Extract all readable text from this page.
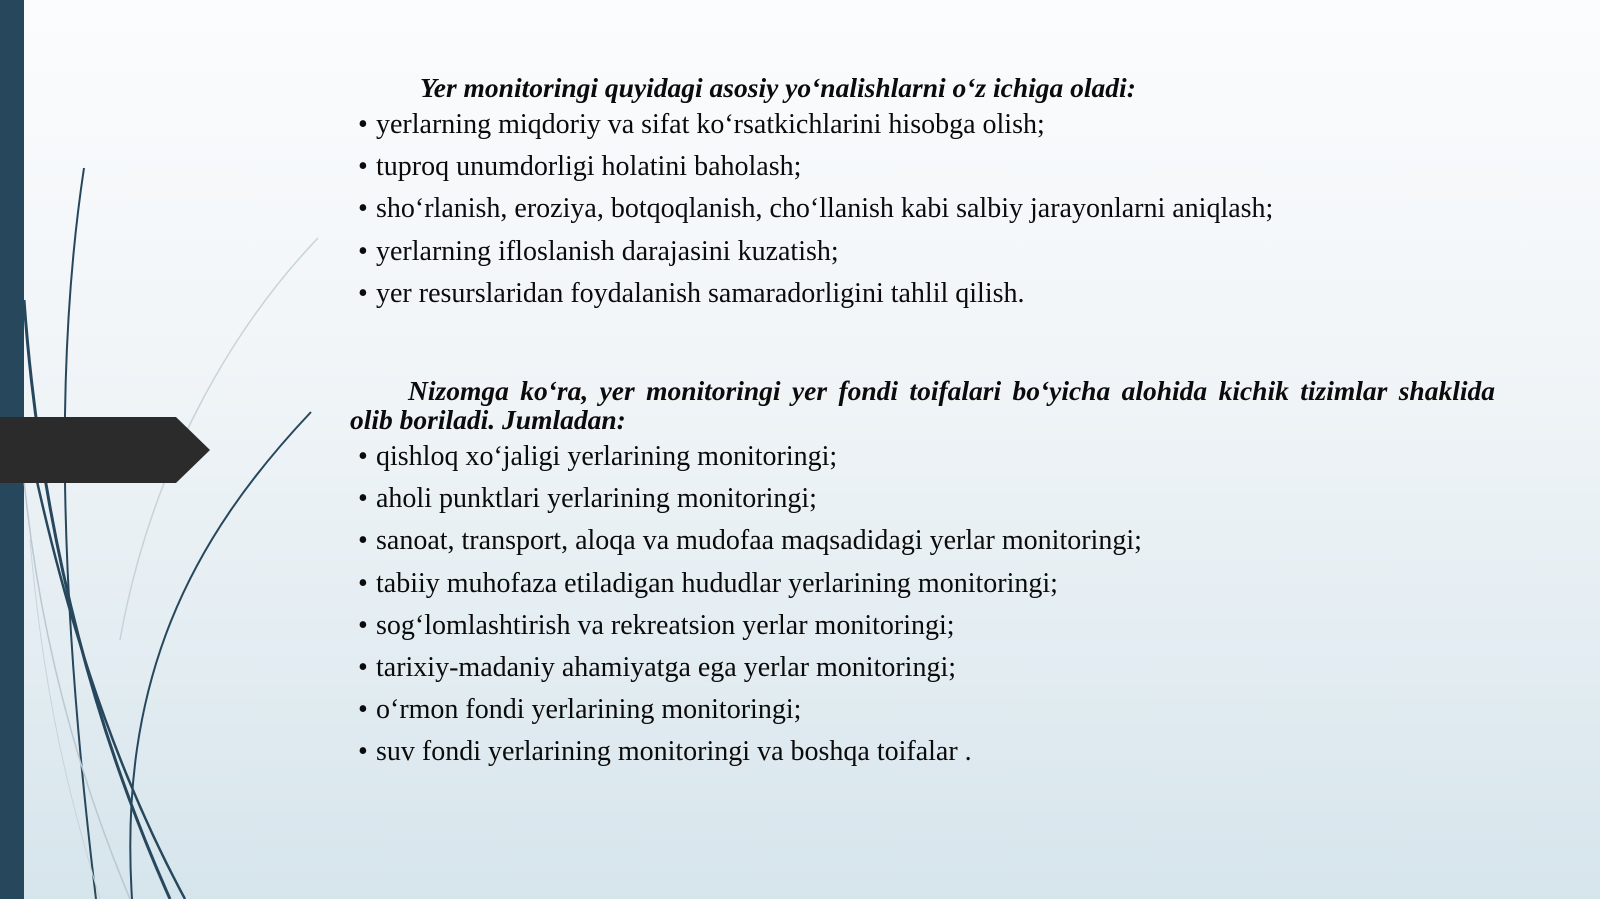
Yer monitoringi quyidagi asosiy yo‘nalishlarni o‘z ichiga oladi:

• yerlarning miqdoriy va sifat ko‘rsatkichlarini hisobga olish;
• tuproq unumdorligi holatini baholash;
• sho‘rlanish, eroziya, botqoqlanish, cho‘llanish kabi salbiy jarayonlarni aniqlash;
• yerlarning ifloslanish darajasini kuzatish;
• yer resurslaridan foydalanish samaradorligini tahlil qilish.

Nizomga ko‘ra, yer monitoringi yer fondi toifalari bo‘yicha alohida kichik tizimlar shaklida olib boriladi. Jumladan:

• qishloq xo‘jaligi yerlarining monitoringi;
• aholi punktlari yerlarining monitoringi;
• sanoat, transport, aloqa va mudofaa maqsadidagi yerlar monitoringi;
• tabiiy muhofaza etiladigan hududlar yerlarining monitoringi;
• sog‘lomlashtirish va rekreatsion yerlar monitoringi;
• tarixiy-madaniy ahamiyatga ega yerlar monitoringi;
• o‘rmon fondi yerlarining monitoringi;
• suv fondi yerlarining monitoringi va boshqa toifalar .
